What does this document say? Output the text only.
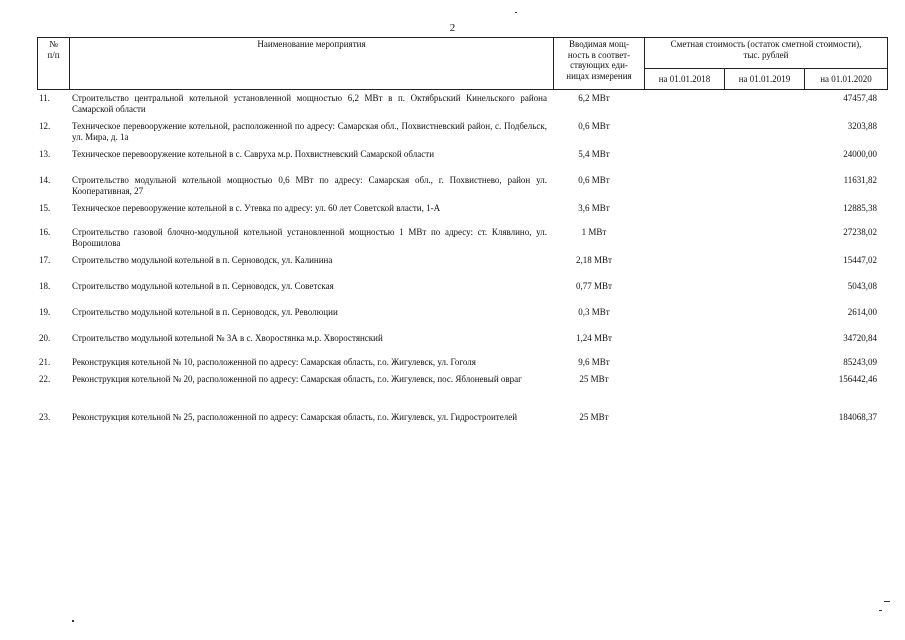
2
№
п/п	Наименование мероприятия	Вводимая мощ-
ность в соответ-
ствующих еди-
ницах измерения	Сметная стоимость (остаток сметной стоимости),
тыс. рублей		
			на 01.01.2018	на 01.01.2019	на 01.01.2020
11.	Строительство центральной котельной установленной мощностью 6,2 МВт в п. Октябрьский Кинельского района Самарской области	6,2 МВт			47457,48
12.	Техническое перевооружение котельной, расположенной по адресу: Самарская обл., Похвистневский район, с. Подбельск, ул. Мира, д. 1а	0,6 МВт			3203,88
13.	Техническое перевооружение котельной в с. Савруха м.р. Похвистневский Самарской области	5,4 МВт			24000,00
14.	Строительство модульной котельной мощностью 0,6 МВт по адресу: Самарская обл., г. Похвистнево, район ул. Кооперативная, 27	0,6 МВт			11631,82
15.	Техническое перевооружение котельной в с. Утевка по адресу: ул. 60 лет Советской власти, 1-А	3,6 МВт			12885,38
16.	Строительство газовой блочно-модульной котельной установленной мощностью 1 МВт по адресу: ст. Клявлино, ул. Ворошилова	1 МВт			27238,02
17.	Строительство модульной котельной в п. Серноводск, ул. Калинина	2,18 МВт			15447,02
18.	Строительство модульной котельной в п. Серноводск, ул. Советская	0,77 МВт			5043,08
19.	Строительство модульной котельной в п. Серноводск, ул. Революции	0,3 МВт			2614,00
20.	Строительство модульной котельной № 3А в с. Хворостянка м.р. Хворостянский	1,24 МВт			34720,84
21.	Реконструкция котельной № 10, расположенной по адресу: Самарская область, г.о. Жигулевск, ул. Гоголя	9,6 МВт			85243,09
22.	Реконструкция котельной № 20, расположенной по адресу: Самарская область, г.о. Жигулевск, пос. Яблоневый овраг	25 МВт			156442,46
23.	Реконструкция котельной № 25, расположенной по адресу: Самарская область, г.о. Жигулевск, ул. Гидростроителей	25 МВт			184068,37
